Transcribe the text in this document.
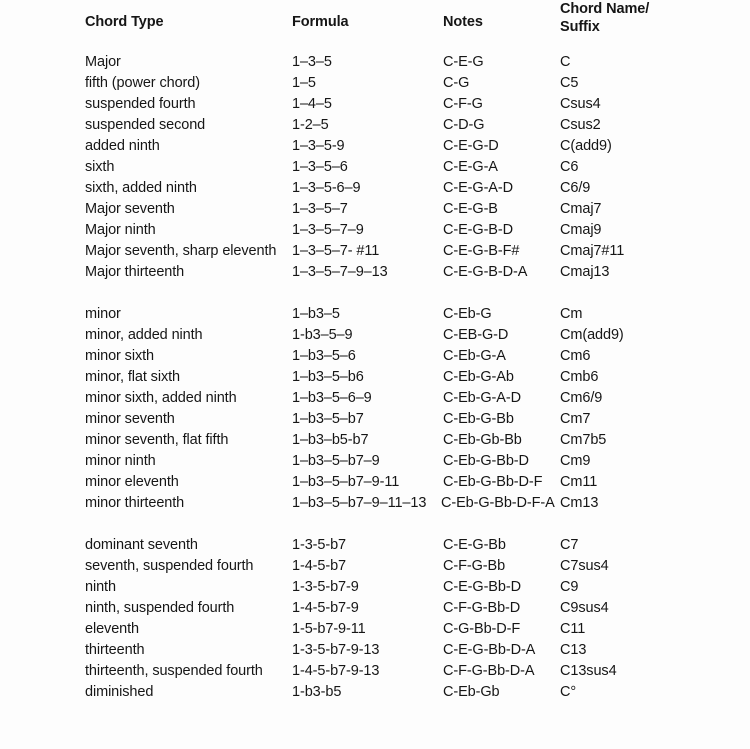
Chord Type	Formula	Notes
Chord Name/
Suffix
Major	1–3–5	C-E-G	C
fifth (power chord)	1–5	C-G	C5
suspended fourth	1–4–5	C-F-G	Csus4
suspended second	1-2–5	C-D-G	Csus2
added ninth	1–3–5-9	C-E-G-D	C(add9)
sixth	1–3–5–6	C-E-G-A	C6
sixth, added ninth	1–3–5-6–9	C-E-G-A-D	C6/9
Major seventh	1–3–5–7	C-E-G-B	Cmaj7
Major ninth	1–3–5–7–9	C-E-G-B-D	Cmaj9
Major seventh, sharp eleventh 1–3–5–7- #11	C-E-G-B-F#	Cmaj7#11
Major thirteenth	1–3–5–7–9–13	C-E-G-B-D-A Cmaj13
minor	1–b3–5	C-Eb-G	Cm
minor, added ninth	1-b3–5–9	C-EB-G-D	Cm(add9)
minor sixth	1–b3–5–6	C-Eb-G-A	Cm6
minor, flat sixth	1–b3–5–b6	C-Eb-G-Ab	Cmb6
minor sixth, added ninth	1–b3–5–6–9	C-Eb-G-A-D	Cm6/9
minor seventh	1–b3–5–b7	C-Eb-G-Bb	Cm7
minor seventh, flat fifth	1–b3–b5-b7	C-Eb-Gb-Bb	Cm7b5
minor ninth	1–b3–5–b7–9	C-Eb-G-Bb-D Cm9
minor eleventh	1–b3–5–b7–9-11	C-Eb-G-Bb-D-F Cm11
minor thirteenth	1–b3–5–b7–9–11–13 C-Eb-G-Bb-D-F-A Cm13
dominant seventh	1-3-5-b7	C-E-G-Bb	C7
seventh, suspended fourth	1-4-5-b7	C-F-G-Bb	C7sus4
ninth	1-3-5-b7-9	C-E-G-Bb-D	C9
ninth, suspended fourth	1-4-5-b7-9	C-F-G-Bb-D	C9sus4
eleventh	1-5-b7-9-11	C-G-Bb-D-F	C11
thirteenth	1-3-5-b7-9-13	C-E-G-Bb-D-A C13
thirteenth, suspended fourth 1-4-5-b7-9-13	C-F-G-Bb-D-A C13sus4
diminished	1-b3-b5	C-Eb-Gb	C°
